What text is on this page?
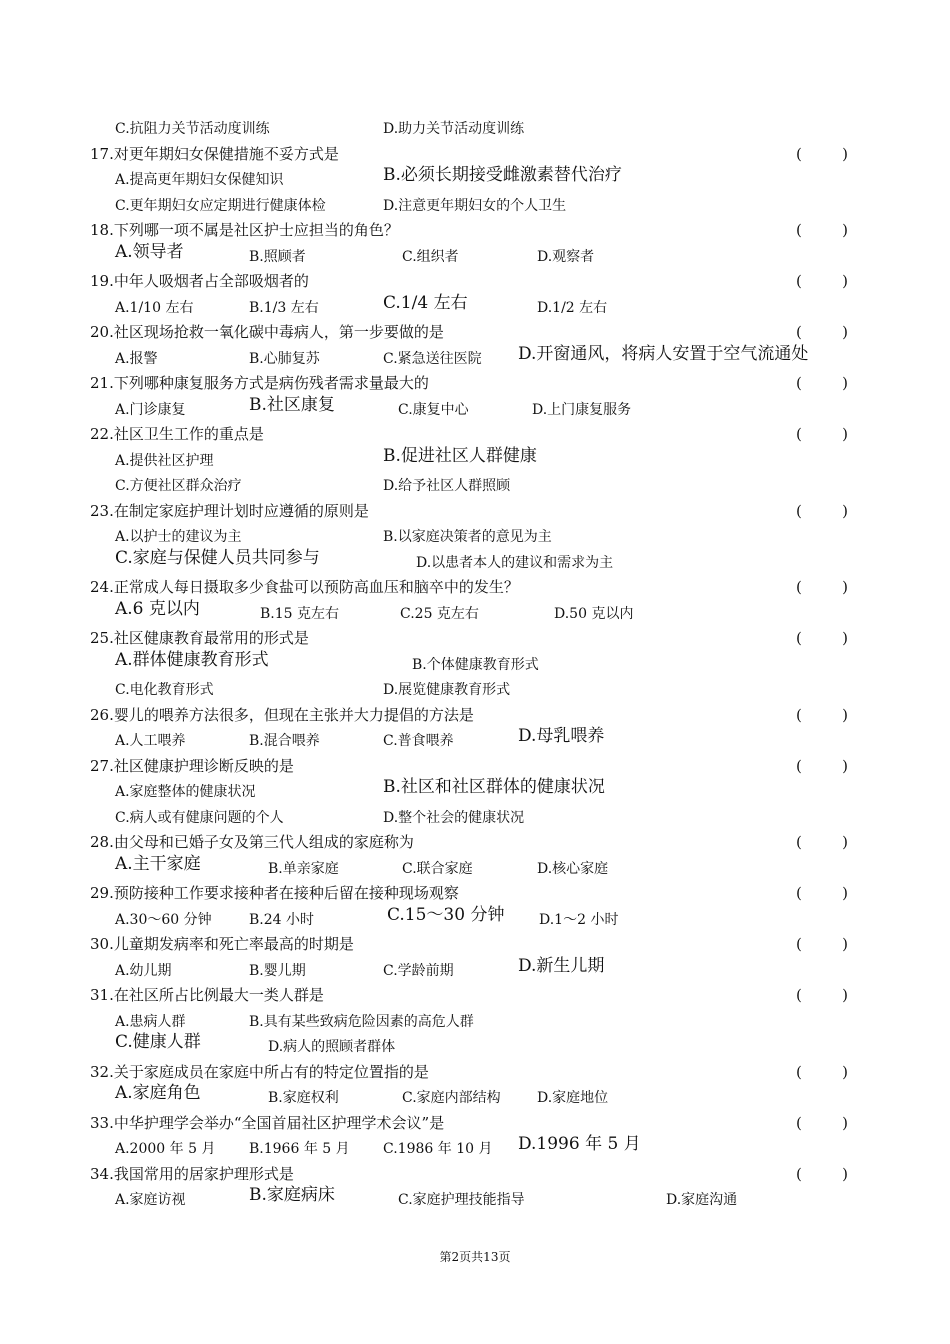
C.抗阻力关节活动度训练	D.助力关节活动度训练
17.对更年期妇女保健措施不妥方式是	(	)
A.提高更年期妇女保健知识	B.必须长期接受雌激素替代治疗
C.更年期妇女应定期进行健康体检	D.注意更年期妇女的个人卫生
18.下列哪一项不属是社区护士应担当的角色？	(	)
A.领导者	B.照顾者	C.组织者	D.观察者
19.中年人吸烟者占全部吸烟者的	(	)
A.1/10 左右	B.1/3 左右	C.1/4 左右	D.1/2 左右
20.社区现场抢救一氧化碳中毒病人，第一步要做的是	(	)
A.报警	B.心肺复苏	C.紧急送往医院 D.开窗通风，将病人安置于空气流通处
21.下列哪种康复服务方式是病伤残者需求量最大的	(	)
A.门诊康复	B.社区康复	C.康复中心	D.上门康复服务
22.社区卫生工作的重点是	(	)
A.提供社区护理	B.促进社区人群健康
C.方便社区群众治疗	D.给予社区人群照顾
23.在制定家庭护理计划时应遵循的原则是	(	)
A.以护士的建议为主	B.以家庭决策者的意见为主
C.家庭与保健人员共同参与	D.以患者本人的建议和需求为主
24.正常成人每日摄取多少食盐可以预防高血压和脑卒中的发生？	(	)
A.6 克以内	B.15 克左右	C.25 克左右	D.50 克以内
25.社区健康教育最常用的形式是	(	)
A.群体健康教育形式	B.个体健康教育形式
C.电化教育形式	D.展览健康教育形式
26.婴儿的喂养方法很多，但现在主张并大力提倡的方法是	(	)
A.人工喂养	B.混合喂养	C.普食喂养	D.母乳喂养
27.社区健康护理诊断反映的是	(	)
A.家庭整体的健康状况	B.社区和社区群体的健康状况
C.病人或有健康问题的个人	D.整个社会的健康状况
28.由父母和已婚子女及第三代人组成的家庭称为	(	)
A.主干家庭	B.单亲家庭	C.联合家庭	D.核心家庭
29.预防接种工作要求接种者在接种后留在接种现场观察	(	)
A.30～60 分钟	B.24 小时	C.15～30 分钟 D.1～2 小时
30.儿童期发病率和死亡率最高的时期是	(	)
A.幼儿期	B.婴儿期	C.学龄前期	D.新生儿期
31.在社区所占比例最大一类人群是	(	)
A.患病人群	B.具有某些致病危险因素的高危人群
C.健康人群	D.病人的照顾者群体
32.关于家庭成员在家庭中所占有的特定位置指的是	(	)
A.家庭角色	B.家庭权利	C.家庭内部结构	D.家庭地位
33.中华护理学会举办“全国首届社区护理学术会议”是	(	)
A.2000 年 5 月 B.1966 年 5 月 C.1986 年 10 月 D.1996 年 5 月
34.我国常用的居家护理形式是	(	)
A.家庭访视	B.家庭病床	C.家庭护理技能指导	D.家庭沟通
第2页共13页
